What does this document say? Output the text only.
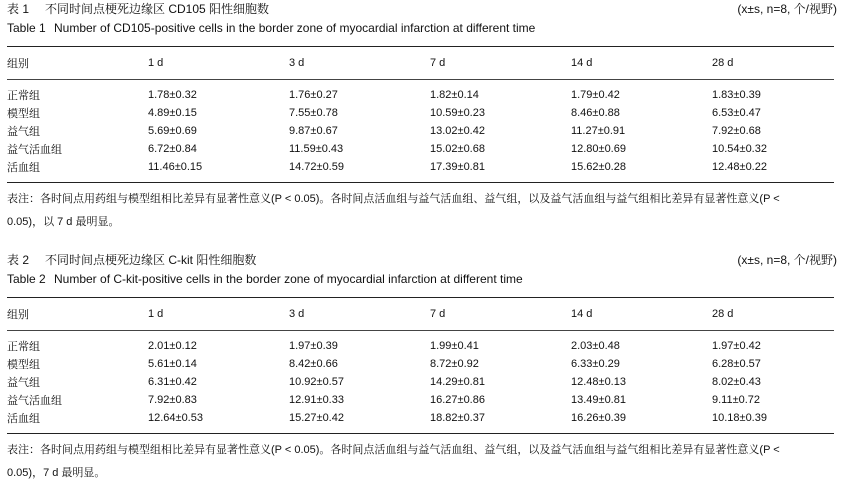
表 1 不同时间点梗死边缘区 CD105 阳性细胞数	(x±s, n=8, 个/视野)
Table 1 Number of CD105-positive cells in the border zone of myocardial infarction at different time
组别	1 d	3 d	7 d	14 d	28 d
正常组	1.78±0.32	1.76±0.27	1.82±0.14	1.79±0.42	1.83±0.39
模型组	4.89±0.15	7.55±0.78	10.59±0.23	8.46±0.88	6.53±0.47
益气组	5.69±0.69	9.87±0.67	13.02±0.42	11.27±0.91	7.92±0.68
益气活血组	6.72±0.84	11.59±0.43	15.02±0.68	12.80±0.69	10.54±0.32
活血组	11.46±0.15	14.72±0.59	17.39±0.81	15.62±0.28	12.48±0.22
表注：各时间点用药组与模型组相比差异有显著性意义(P < 0.05)。各时间点活血组与益气活血组、益气组，以及益气活血组与益气组相比差异有显著性意义(P <
0.05)，以 7 d 最明显。
表 2 不同时间点梗死边缘区 C-kit 阳性细胞数	(x±s, n=8, 个/视野)
Table 2 Number of C-kit-positive cells in the border zone of myocardial infarction at different time
组别	1 d	3 d	7 d	14 d	28 d
正常组	2.01±0.12	1.97±0.39	1.99±0.41	2.03±0.48	1.97±0.42
模型组	5.61±0.14	8.42±0.66	8.72±0.92	6.33±0.29	6.28±0.57
益气组	6.31±0.42	10.92±0.57	14.29±0.81	12.48±0.13	8.02±0.43
益气活血组	7.92±0.83	12.91±0.33	16.27±0.86	13.49±0.81	9.11±0.72
活血组	12.64±0.53	15.27±0.42	18.82±0.37	16.26±0.39	10.18±0.39
表注：各时间点用药组与模型组相比差异有显著性意义(P < 0.05)。各时间点活血组与益气活血组、益气组，以及益气活血组与益气组相比差异有显著性意义(P <
0.05)，7 d 最明显。
